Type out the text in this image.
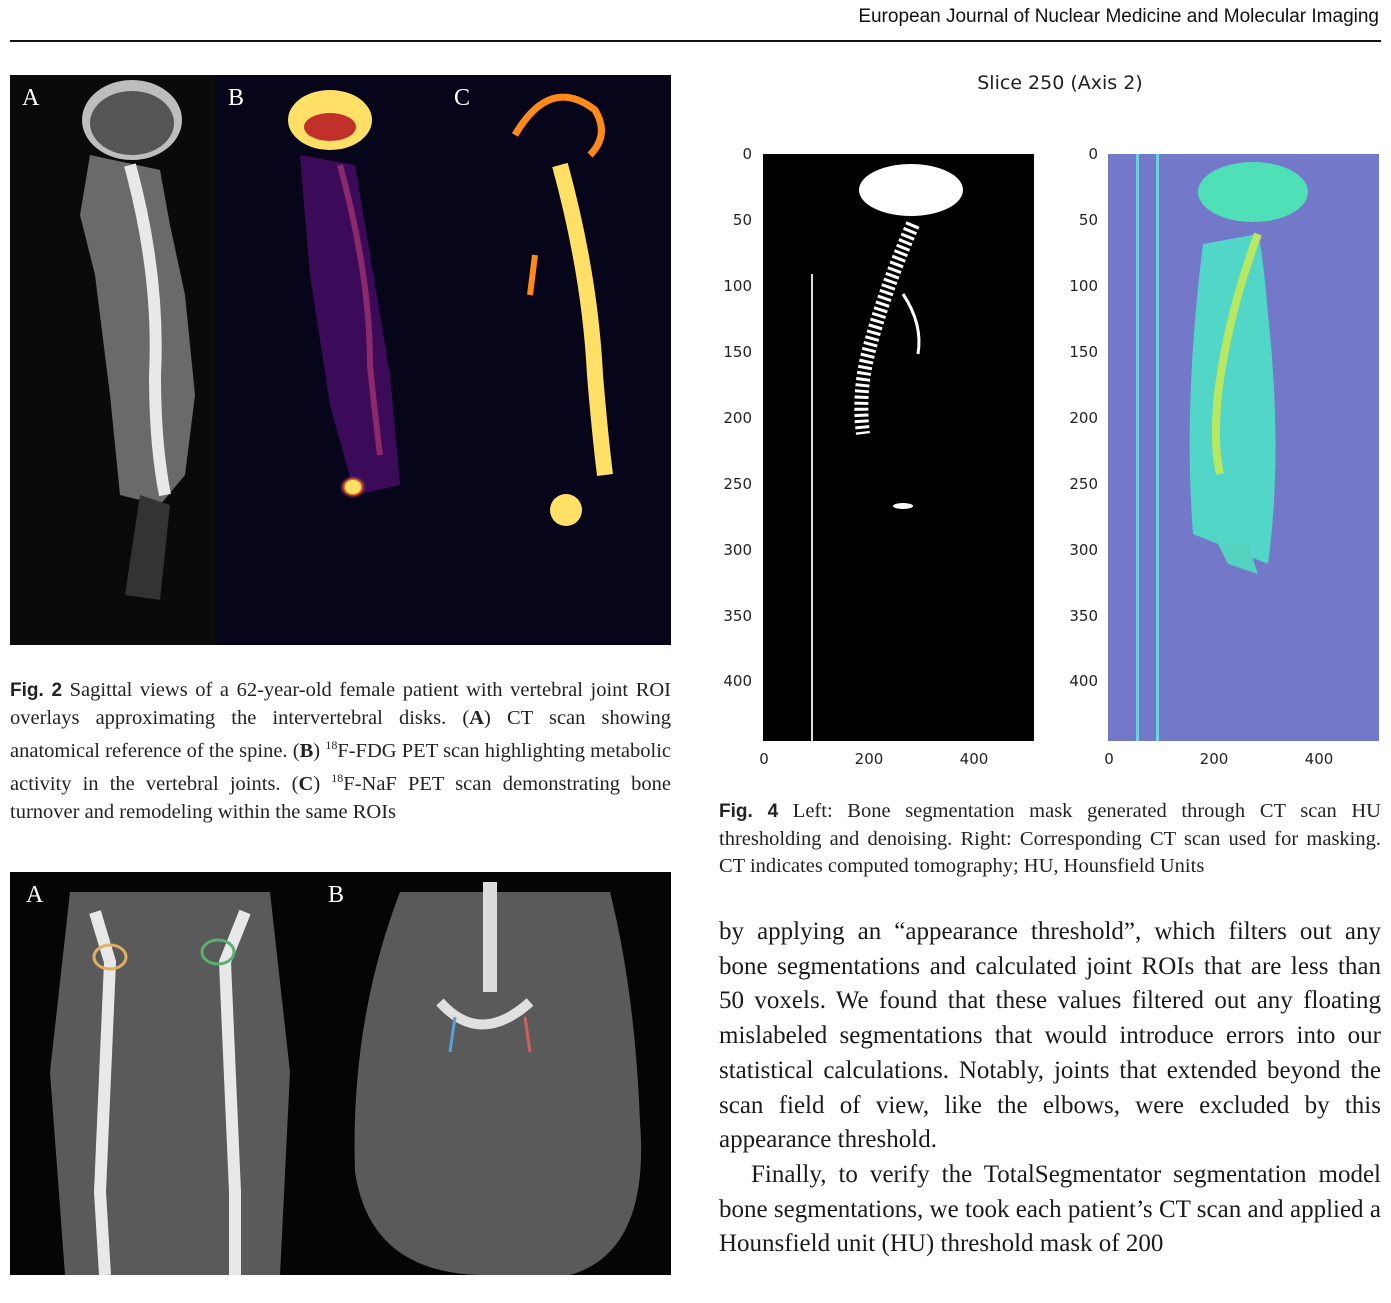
European Journal of Nuclear Medicine and Molecular Imaging
A	B	C
Fig. 2 Sagittal views of a 62-year-old female patient with vertebral joint ROI overlays approximating the intervertebral disks. (A) CT scan showing anatomical reference of the spine. (B) $^{18}$F-FDG PET scan highlighting metabolic activity in the vertebral joints. (C) $^{18}$F-NaF PET scan demonstrating bone turnover and remodeling within the same ROIs
A	B
Slice 250 (Axis 2)
0
50
100
150
200
250
300
350
400
0	200	400
0
50
100
150
200
250
300
350
400
0	200	400
Fig. 4 Left: Bone segmentation mask generated through CT scan HU thresholding and denoising. Right: Corresponding CT scan used for masking. CT indicates computed tomography; HU, Hounsfield Units

by applying an “appearance threshold”, which filters out any bone segmentations and calculated joint ROIs that are less than 50 voxels. We found that these values filtered out any floating mislabeled segmentations that would introduce errors into our statistical calculations. Notably, joints that extended beyond the scan field of view, like the elbows, were excluded by this appearance threshold.

Finally, to verify the TotalSegmentator segmentation model bone segmentations, we took each patient’s CT scan and applied a Hounsfield unit (HU) threshold mask of 200
